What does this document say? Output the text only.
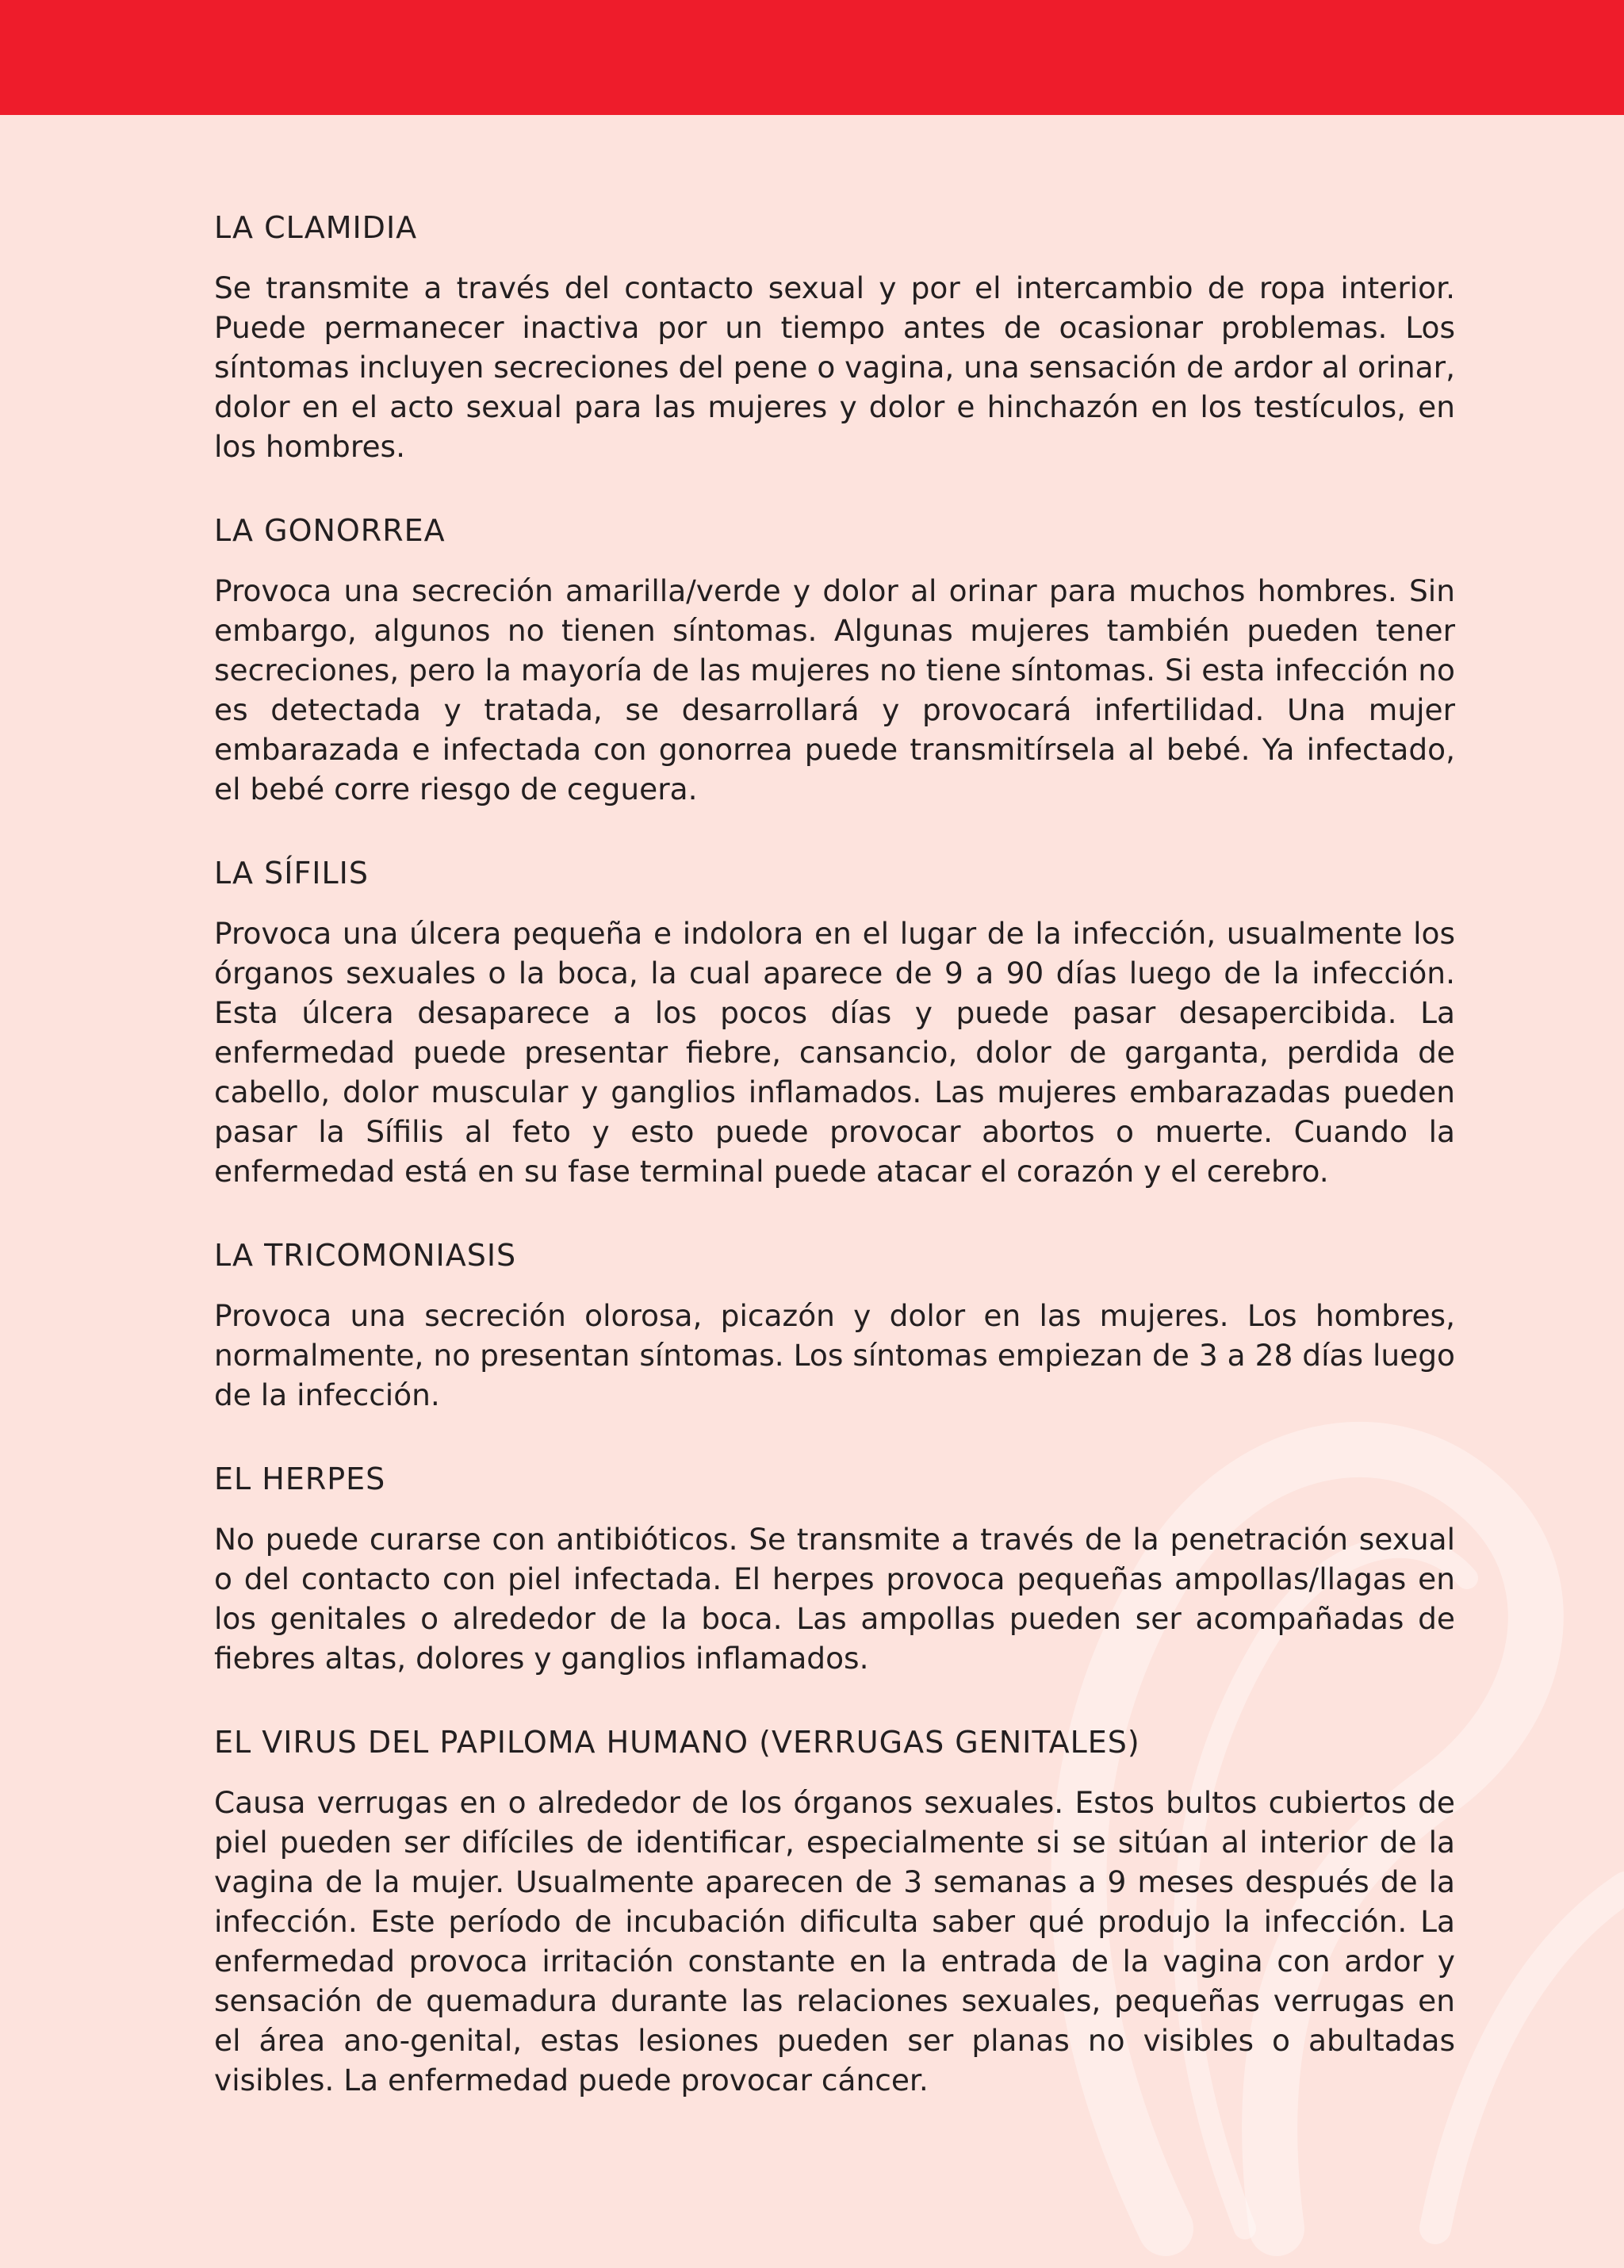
LA CLAMIDIA

Se transmite a través del contacto sexual y por el intercambio de ropa interior. Puede permanecer inactiva por un tiempo antes de ocasionar problemas. Los síntomas incluyen secreciones del pene o vagina, una sensación de ardor al orinar, dolor en el acto sexual para las mujeres y dolor e hinchazón en los testículos, en los hombres.

LA GONORREA

Provoca una secreción amarilla/verde y dolor al orinar para muchos hombres. Sin embargo, algunos no tienen síntomas. Algunas mujeres también pueden tener secreciones, pero la mayoría de las mujeres no tiene síntomas. Si esta infección no es detectada y tratada, se desarrollará y provocará infertilidad. Una mujer embarazada e infectada con gonorrea puede transmitírsela al bebé. Ya infectado, el bebé corre riesgo de ceguera.

LA SÍFILIS

Provoca una úlcera pequeña e indolora en el lugar de la infección, usualmente los órganos sexuales o la boca, la cual aparece de 9 a 90 días luego de la infección. Esta úlcera desaparece a los pocos días y puede pasar desapercibida. La enfermedad puede presentar fiebre, cansancio, dolor de garganta, perdida de cabello, dolor muscular y ganglios inflamados. Las mujeres embarazadas pueden pasar la Sífilis al feto y esto puede provocar abortos o muerte. Cuando la enfermedad está en su fase terminal puede atacar el corazón y el cerebro.

LA TRICOMONIASIS

Provoca una secreción olorosa, picazón y dolor en las mujeres. Los hombres, normalmente, no presentan síntomas. Los síntomas empiezan de 3 a 28 días luego de la infección.

EL HERPES

No puede curarse con antibióticos. Se transmite a través de la penetración sexual o del contacto con piel infectada. El herpes provoca pequeñas ampollas/llagas en los genitales o alrededor de la boca. Las ampollas pueden ser acompañadas de fiebres altas, dolores y ganglios inflamados.

EL VIRUS DEL PAPILOMA HUMANO (VERRUGAS GENITALES)

Causa verrugas en o alrededor de los órganos sexuales. Estos bultos cubiertos de piel pueden ser difíciles de identificar, especialmente si se sitúan al interior de la vagina de la mujer. Usualmente aparecen de 3 semanas a 9 meses después de la infección. Este período de incubación dificulta saber qué produjo la infección. La enfermedad provoca irritación constante en la entrada de la vagina con ardor y sensación de quemadura durante las relaciones sexuales, pequeñas verrugas en el área ano-genital, estas lesiones pueden ser planas no visibles o abultadas visibles. La enfermedad puede provocar cáncer.
